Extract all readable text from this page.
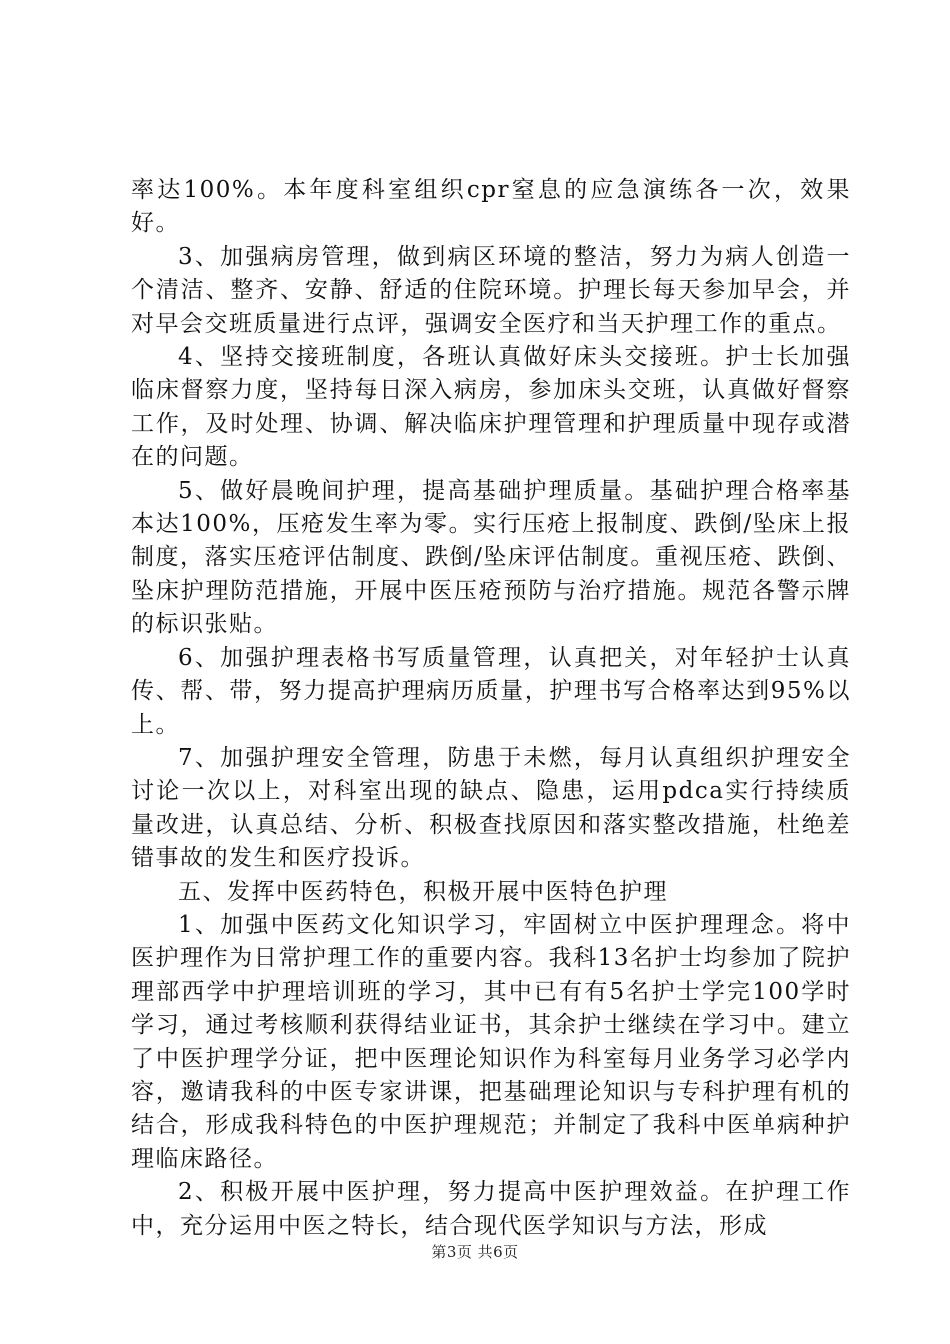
率达100%。本年度科室组织cpr窒息的应急演练各一次，效果好。

3、加强病房管理，做到病区环境的整洁，努力为病人创造一个清洁、整齐、安静、舒适的住院环境。护理长每天参加早会，并对早会交班质量进行点评，强调安全医疗和当天护理工作的重点。

4、坚持交接班制度，各班认真做好床头交接班。护士长加强临床督察力度，坚持每日深入病房，参加床头交班，认真做好督察工作，及时处理、协调、解决临床护理管理和护理质量中现存或潜在的问题。

5、做好晨晚间护理，提高基础护理质量。基础护理合格率基本达100%，压疮发生率为零。实行压疮上报制度、跌倒/坠床上报制度，落实压疮评估制度、跌倒/坠床评估制度。重视压疮、跌倒、坠床护理防范措施，开展中医压疮预防与治疗措施。规范各警示牌的标识张贴。

6、加强护理表格书写质量管理，认真把关，对年轻护士认真传、帮、带，努力提高护理病历质量，护理书写合格率达到95%以上。

7、加强护理安全管理，防患于未燃，每月认真组织护理安全讨论一次以上，对科室出现的缺点、隐患，运用pdca实行持续质量改进，认真总结、分析、积极查找原因和落实整改措施，杜绝差错事故的发生和医疗投诉。

五、发挥中医药特色，积极开展中医特色护理

1、加强中医药文化知识学习，牢固树立中医护理理念。将中医护理作为日常护理工作的重要内容。我科13名护士均参加了院护理部西学中护理培训班的学习，其中已有有5名护士学完100学时学习，通过考核顺利获得结业证书，其余护士继续在学习中。建立了中医护理学分证，把中医理论知识作为科室每月业务学习必学内容，邀请我科的中医专家讲课，把基础理论知识与专科护理有机的结合，形成我科特色的中医护理规范；并制定了我科中医单病种护理临床路径。

2、积极开展中医护理，努力提高中医护理效益。在护理工作中，充分运用中医之特长，结合现代医学知识与方法，形成

第3页 共6页
